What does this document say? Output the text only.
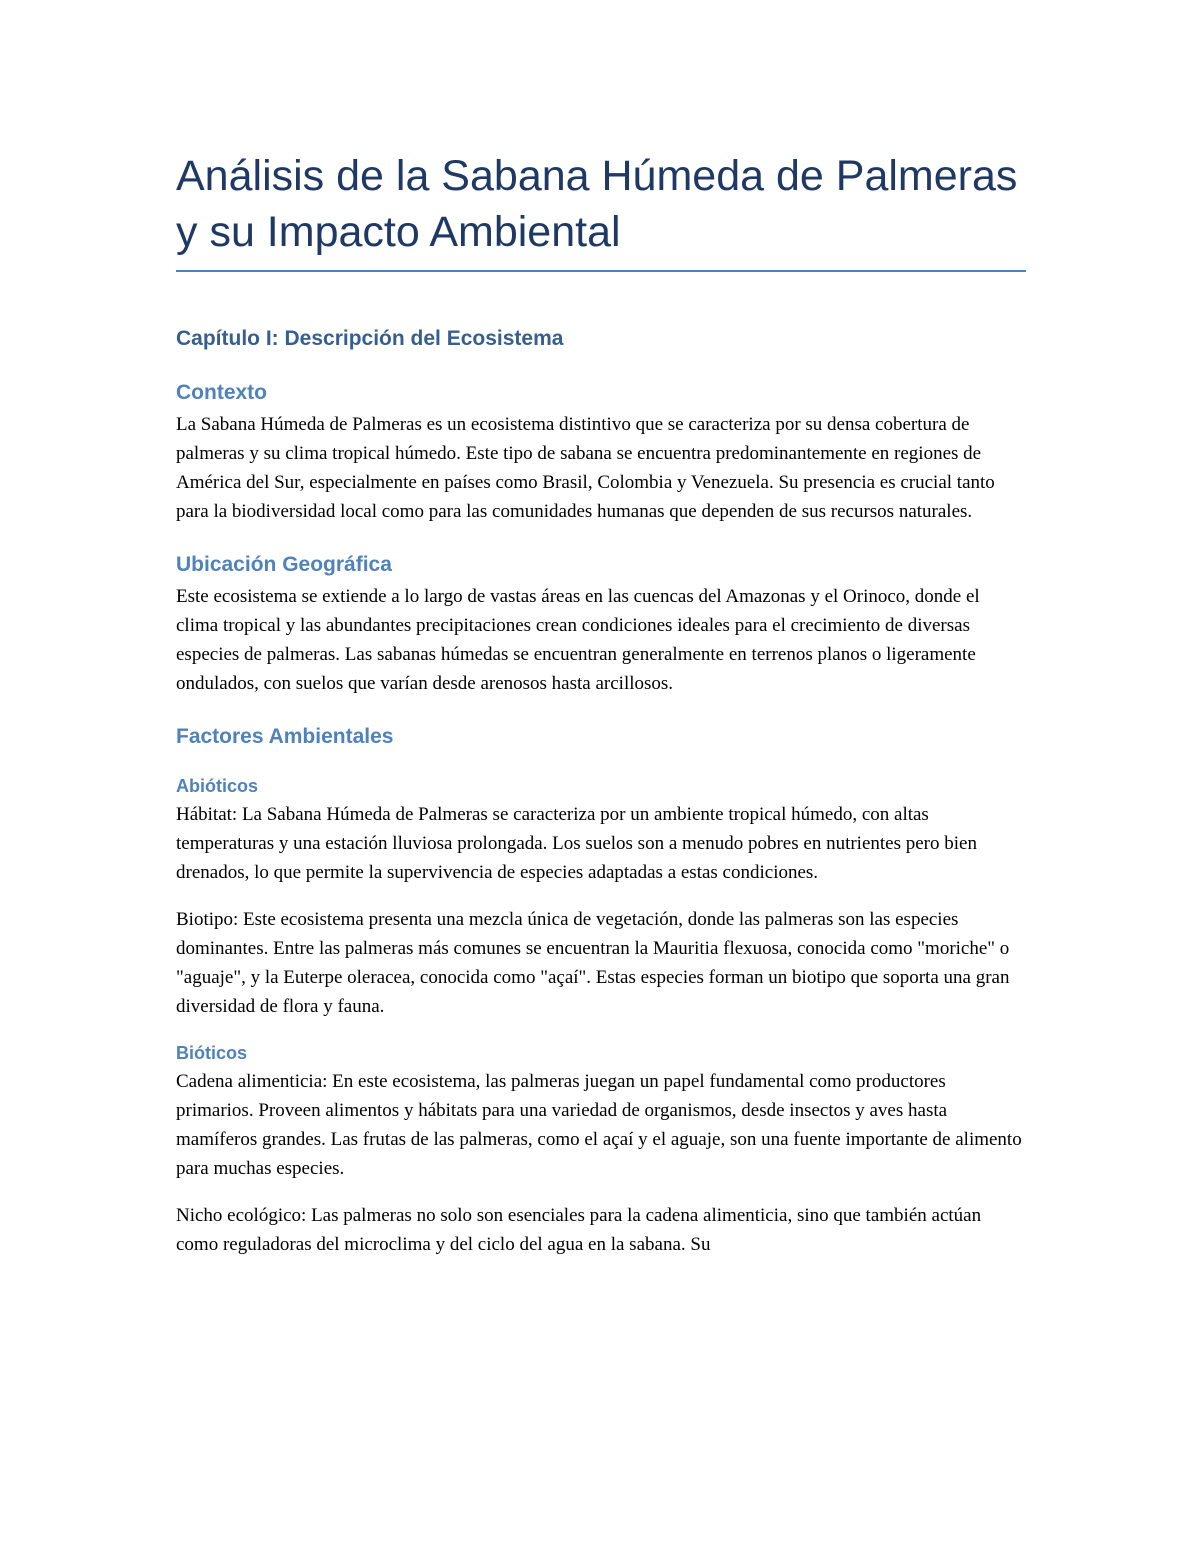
Análisis de la Sabana Húmeda de Palmeras y su Impacto Ambiental
Capítulo I: Descripción del Ecosistema
Contexto

La Sabana Húmeda de Palmeras es un ecosistema distintivo que se caracteriza por su densa cobertura de palmeras y su clima tropical húmedo. Este tipo de sabana se encuentra predominantemente en regiones de América del Sur, especialmente en países como Brasil, Colombia y Venezuela. Su presencia es crucial tanto para la biodiversidad local como para las comunidades humanas que dependen de sus recursos naturales.

Ubicación Geográfica

Este ecosistema se extiende a lo largo de vastas áreas en las cuencas del Amazonas y el Orinoco, donde el clima tropical y las abundantes precipitaciones crean condiciones ideales para el crecimiento de diversas especies de palmeras. Las sabanas húmedas se encuentran generalmente en terrenos planos o ligeramente ondulados, con suelos que varían desde arenosos hasta arcillosos.

Factores Ambientales
Abióticos

Hábitat: La Sabana Húmeda de Palmeras se caracteriza por un ambiente tropical húmedo, con altas temperaturas y una estación lluviosa prolongada. Los suelos son a menudo pobres en nutrientes pero bien drenados, lo que permite la supervivencia de especies adaptadas a estas condiciones.

Biotipo: Este ecosistema presenta una mezcla única de vegetación, donde las palmeras son las especies dominantes. Entre las palmeras más comunes se encuentran la Mauritia flexuosa, conocida como "moriche" o "aguaje", y la Euterpe oleracea, conocida como "açaí". Estas especies forman un biotipo que soporta una gran diversidad de flora y fauna.

Bióticos

Cadena alimenticia: En este ecosistema, las palmeras juegan un papel fundamental como productores primarios. Proveen alimentos y hábitats para una variedad de organismos, desde insectos y aves hasta mamíferos grandes. Las frutas de las palmeras, como el açaí y el aguaje, son una fuente importante de alimento para muchas especies.

Nicho ecológico: Las palmeras no solo son esenciales para la cadena alimenticia, sino que también actúan como reguladoras del microclima y del ciclo del agua en la sabana. Su
